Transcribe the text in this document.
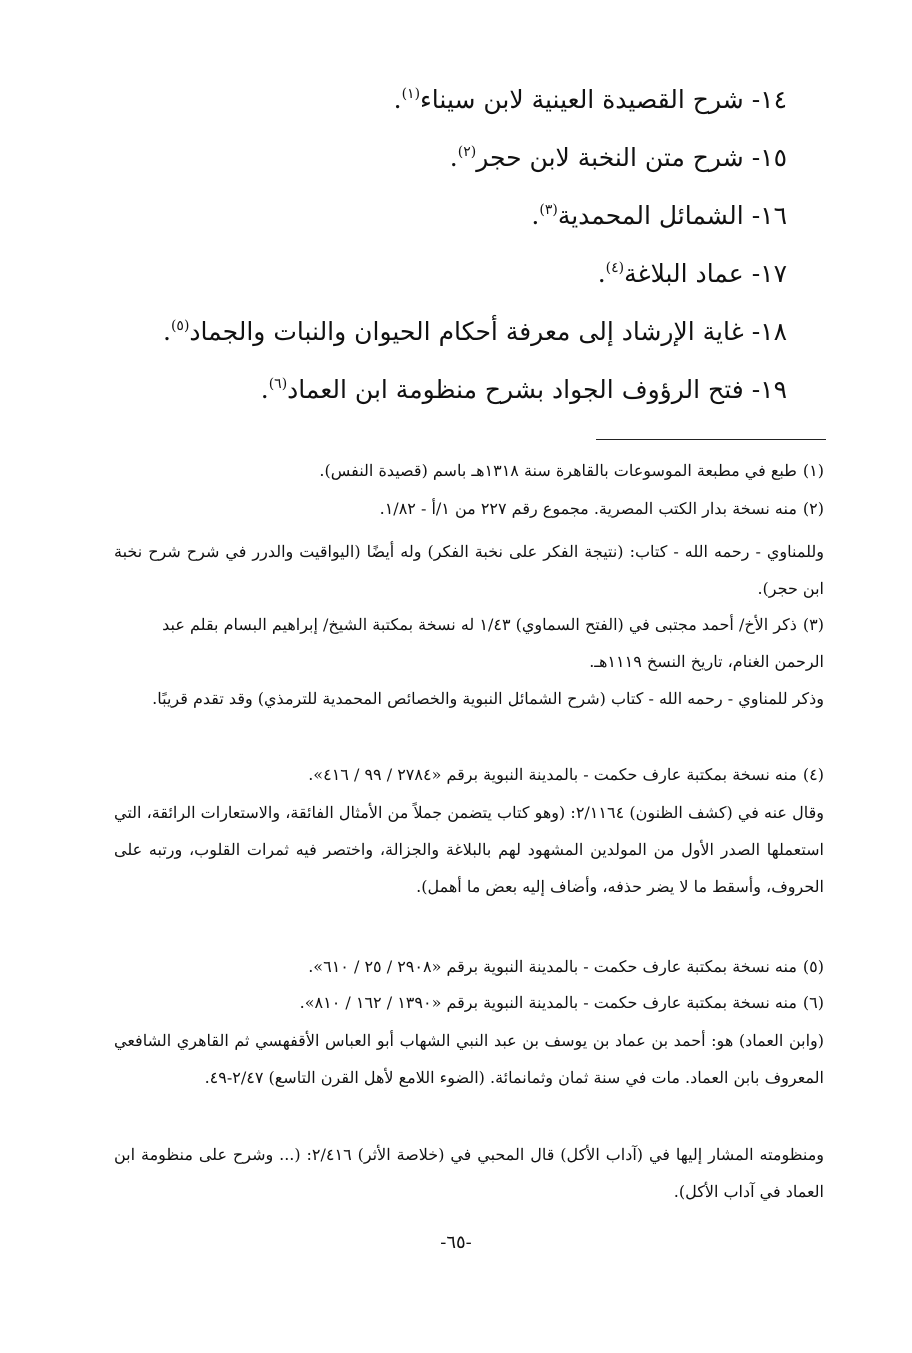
١٤-شرح القصيدة العينية لابن سيناء$^{(١)}$.
١٥-شرح متن النخبة لابن حجر$^{(٢)}$.
١٦-الشمائل المحمدية$^{(٣)}$.
١٧-عماد البلاغة$^{(٤)}$.
١٨-غاية الإرشاد إلى معرفة أحكام الحيوان والنبات والجماد$^{(٥)}$.
١٩-فتح الرؤوف الجواد بشرح منظومة ابن العماد$^{(٦)}$.
(١)طبع في مطبعة الموسوعات بالقاهرة سنة ١٣١٨هـ باسم (قصيدة النفس).
(٢)منه نسخة بدار الكتب المصرية. مجموع رقم ٢٢٧ من ١/أ - ١/٨٢.
وللمناوي - رحمه الله - كتاب: (نتيجة الفكر على نخبة الفكر) وله أيضًا (اليواقيت والدرر في شرح شرح نخبة ابن حجر).
(٣)ذكر الأخ/ أحمد مجتبى في (الفتح السماوي) ١/٤٣ له نسخة بمكتبة الشيخ/ إبراهيم البسام بقلم عبد الرحمن الغنام، تاريخ النسخ ١١١٩هـ.
وذكر للمناوي - رحمه الله - كتاب (شرح الشمائل النبوية والخصائص المحمدية للترمذي) وقد تقدم قريبًا.
(٤)منه نسخة بمكتبة عارف حكمت - بالمدينة النبوية برقم «٢٧٨٤ / ٩٩ / ٤١٦».
وقال عنه في (كشف الظنون) ٢/١١٦٤: (وهو كتاب يتضمن جملاً من الأمثال الفائقة، والاستعارات الرائقة، التي استعملها الصدر الأول من المولدين المشهود لهم بالبلاغة والجزالة، واختصر فيه ثمرات القلوب، ورتبه على الحروف، وأسقط ما لا يضر حذفه، وأضاف إليه بعض ما أهمل).
(٥)منه نسخة بمكتبة عارف حكمت - بالمدينة النبوية برقم «٢٩٠٨ / ٢٥ / ٦١٠».
(٦)منه نسخة بمكتبة عارف حكمت - بالمدينة النبوية برقم «١٣٩٠ / ١٦٢ / ٨١٠».
(وابن العماد) هو: أحمد بن عماد بن يوسف بن عبد النبي الشهاب أبو العباس الأقفهسي ثم القاهري الشافعي المعروف بابن العماد. مات في سنة ثمان وثمانمائة. (الضوء اللامع لأهل القرن التاسع) ٢/٤٧-٤٩.
ومنظومته المشار إليها في (آداب الأكل) قال المحبي في (خلاصة الأثر) ٢/٤١٦: (... وشرح على منظومة ابن العماد في آداب الأكل).
-٦٥-
